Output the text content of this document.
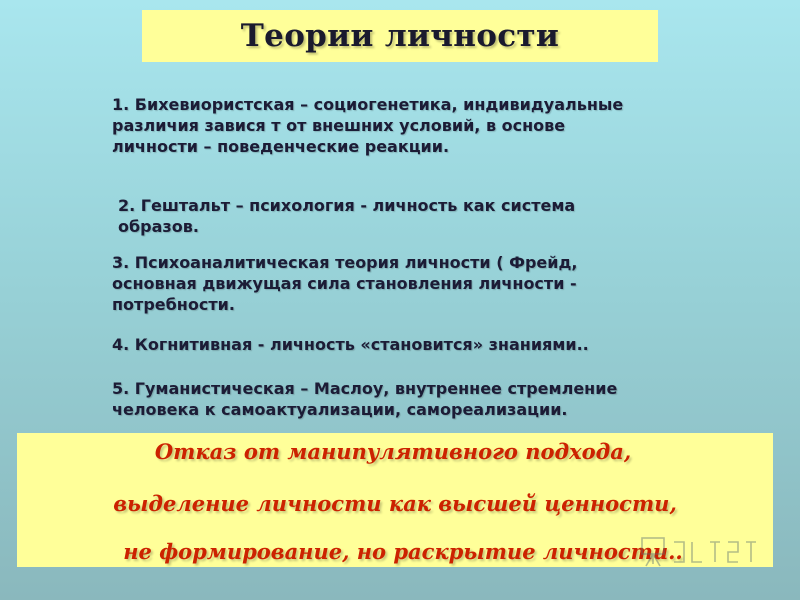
Теории личности

1. Бихевиористская – социогенетика, индивидуальные
различия завися т от внешних условий, в основе
личности – поведенческие реакции.

2. Гештальт – психология - личность как система
образов.

3. Психоаналитическая теория личности ( Фрейд,
основная движущая сила становления личности -
потребности.

4. Когнитивная - личность «становится» знаниями..

5. Гуманистическая – Маслоу, внутреннее стремление
человека к самоактуализации, самореализации.

Отказ от манипулятивного подхода,

выделение личности как высшей ценности,

не формирование, но раскрытие личности..
